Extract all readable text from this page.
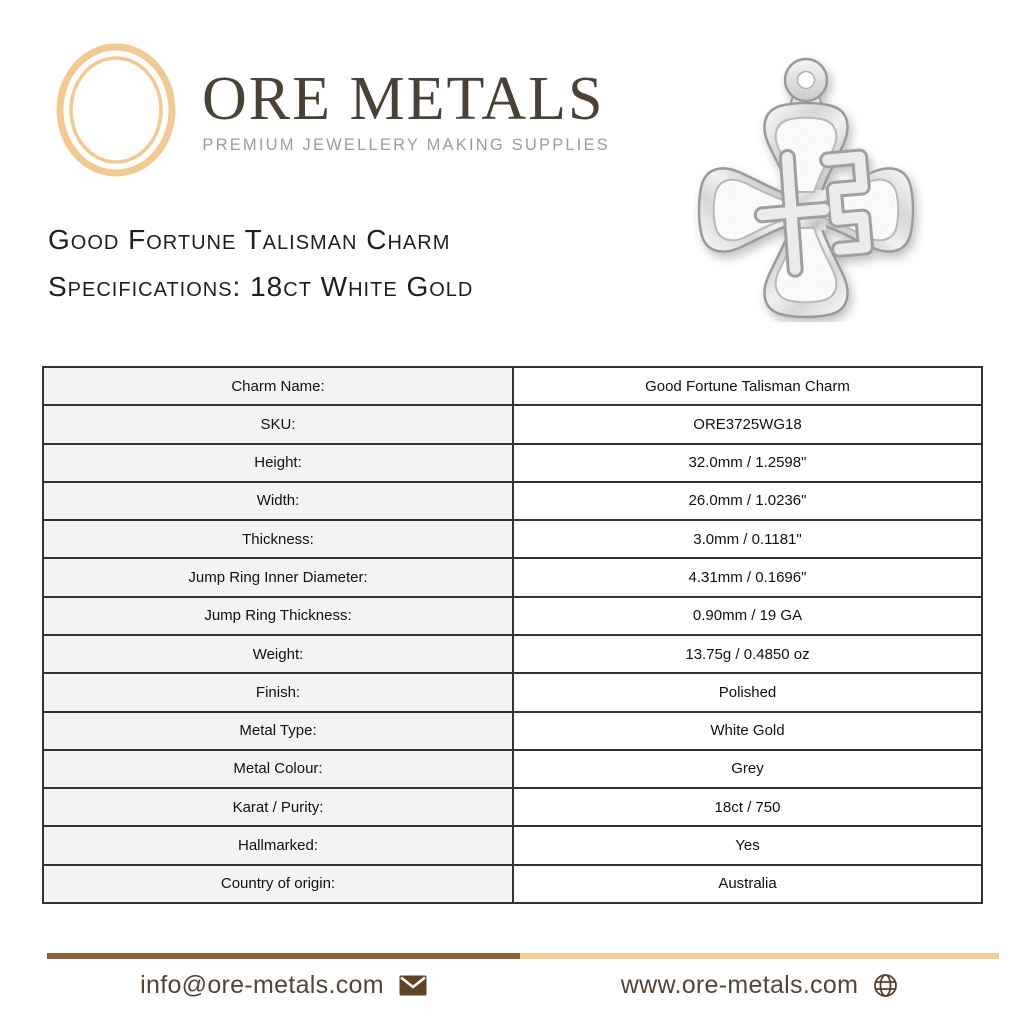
ORE METALS
PREMIUM JEWELLERY MAKING SUPPLIES
Good Fortune Talisman Charm
Specifications: 18ct White Gold
Charm Name:	Good Fortune Talisman Charm
SKU:	ORE3725WG18
Height:	32.0mm / 1.2598"
Width:	26.0mm / 1.0236"
Thickness:	3.0mm / 0.1181"
Jump Ring Inner Diameter:	4.31mm / 0.1696"
Jump Ring Thickness:	0.90mm / 19 GA
Weight:	13.75g / 0.4850 oz
Finish:	Polished
Metal Type:	White Gold
Metal Colour:	Grey
Karat / Purity:	18ct / 750
Hallmarked:	Yes
Country of origin:	Australia
info@ore-metals.com	www.ore-metals.com
